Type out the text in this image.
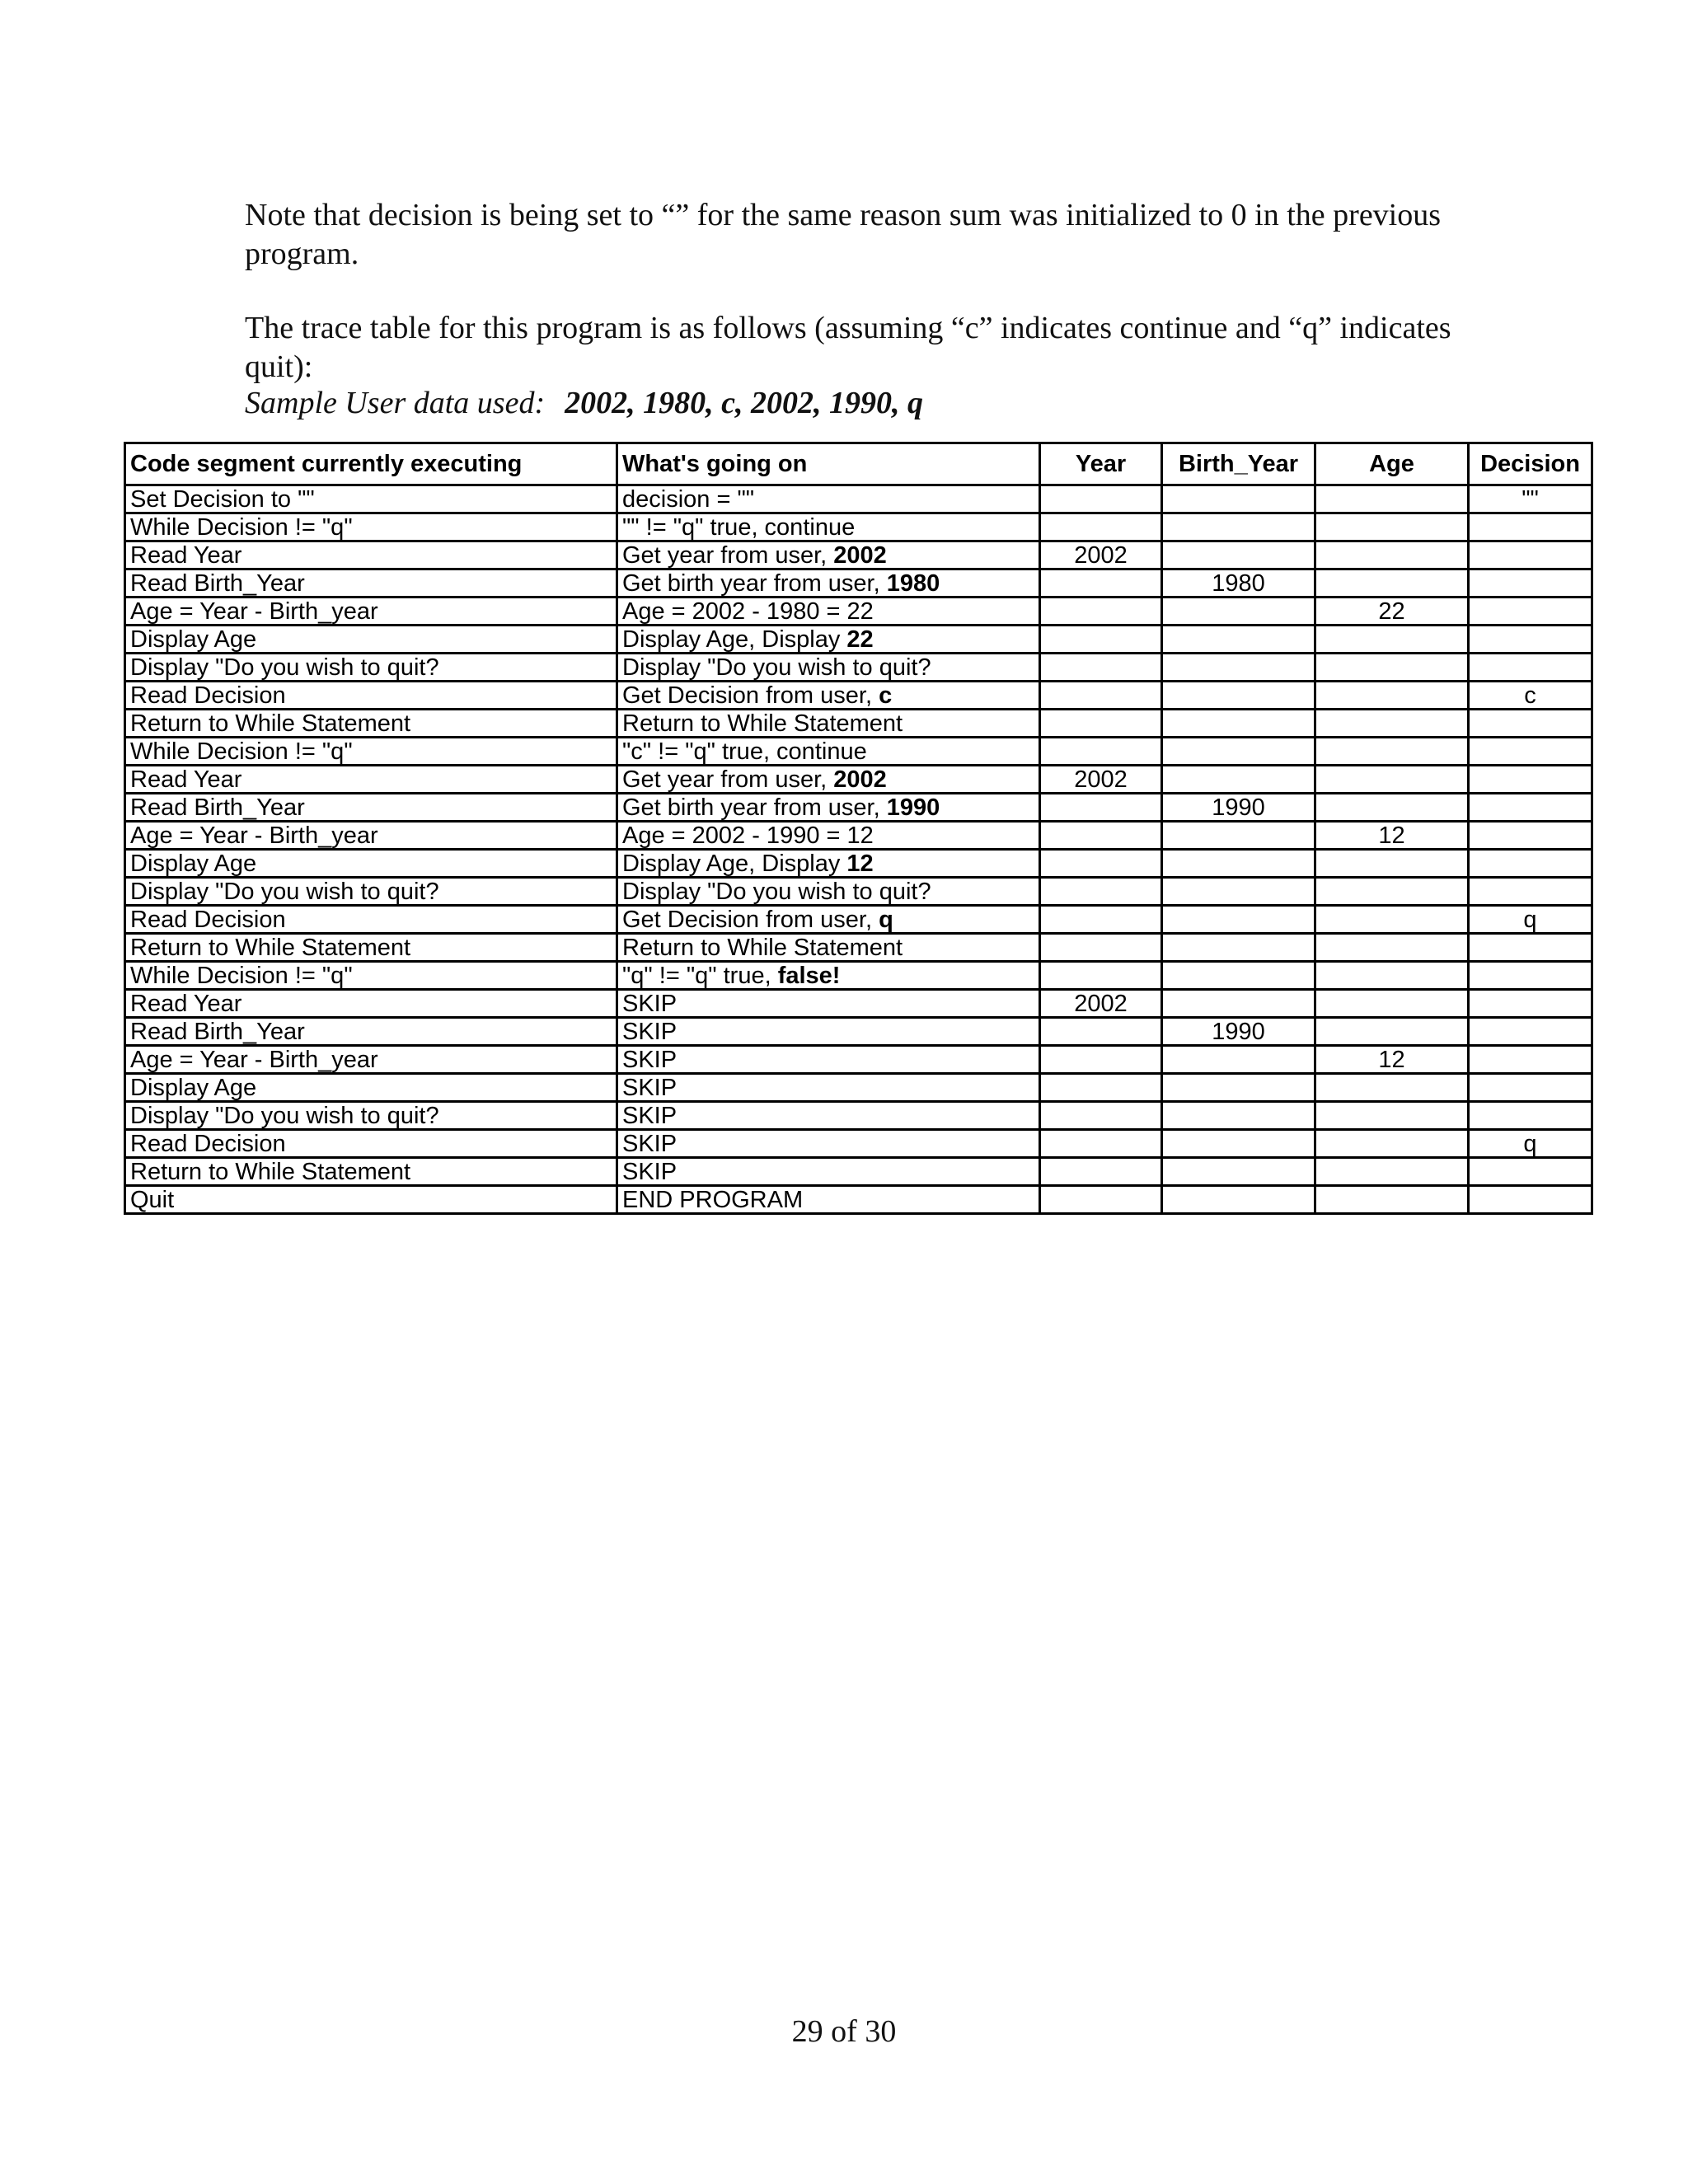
Note that decision is being set to “” for the same reason sum was initialized to 0 in the previous program.
The trace table for this program is as follows (assuming “c” indicates continue and “q” indicates quit):
Sample User data used: 2002, 1980, c, 2002, 1990, q
Code segment currently executing	What's going on	Year	Birth_Year	Age	Decision
Set Decision to ""	decision = ""				""
While Decision != "q"	"" != "q" true, continue				
Read Year	Get year from user, 2002	2002			
Read Birth_Year	Get birth year from user, 1980		1980		
Age = Year - Birth_year	Age = 2002 - 1980 = 22			22	
Display Age	Display Age, Display 22				
Display "Do you wish to quit?	Display "Do you wish to quit?				
Read Decision	Get Decision from user, c				c
Return to While Statement	Return to While Statement				
While Decision != "q"	"c" != "q" true, continue				
Read Year	Get year from user, 2002	2002			
Read Birth_Year	Get birth year from user, 1990		1990		
Age = Year - Birth_year	Age = 2002 - 1990 = 12			12	
Display Age	Display Age, Display 12				
Display "Do you wish to quit?	Display "Do you wish to quit?				
Read Decision	Get Decision from user, q				q
Return to While Statement	Return to While Statement				
While Decision != "q"	"q" != "q" true, false!				
Read Year	SKIP	2002			
Read Birth_Year	SKIP		1990		
Age = Year - Birth_year	SKIP			12	
Display Age	SKIP				
Display "Do you wish to quit?	SKIP				
Read Decision	SKIP				q
Return to While Statement	SKIP				
Quit	END PROGRAM				
29 of 30
